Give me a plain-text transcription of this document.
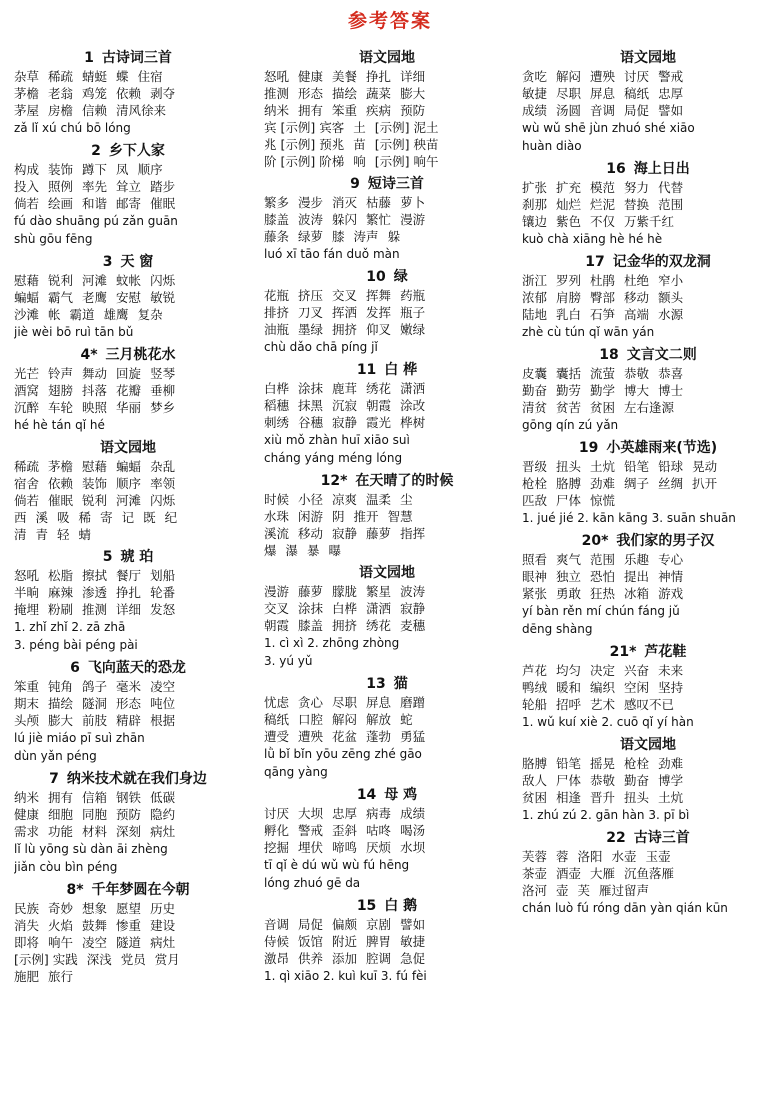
参考答案
1 古诗词三首
杂草 稀疏 蜻蜓 蝶 住宿
茅檐 老翁 鸡笼 依赖 剥夺
茅屋 房檐 信赖 清风徐来
zǎ lǐ xú chú bō lóng
2 乡下人家
构成 装饰 蹲下 凤 顺序
投入 照例 率先 耸立 踏步
倘若 绘画 和谐 邮寄 催眠
fú dào shuāng pú zǎn guān
shù gōu fēng
3 天 窗
慰藉 锐利 河滩 蚊帐 闪烁
蝙蝠 霸气 老鹰 安慰 敏锐
沙滩 帐 霸道 雄鹰 复杂
jiè wèi bō ruì tān bǔ
4* 三月桃花水
光芒 铃声 舞动 回旋 竖琴
酒窝 翅膀 抖落 花瓣 垂柳
沉醉 车轮 映照 华丽 梦乡
hé hè tán qǐ hé
语文园地
稀疏 茅檐 慰藉 蝙蝠 杂乱
宿舍 依赖 装饰 顺序 率领
倘若 催眠 锐利 河滩 闪烁
西 溪 吸 稀 寄 记 既 纪
清 青 轻 蜻
5 琥 珀
怒吼 松脂 擦拭 餐厅 划船
半晌 麻辣 渗透 挣扎 轮番
掩埋 粉刷 推测 详细 发怒
1. zhǐ zhǐ 2. zā zhā
3. péng bài péng pài
6 飞向蓝天的恐龙
笨重 钝角 鸽子 毫米 凌空
期末 描绘 隧洞 形态 吨位
头颅 膨大 前肢 精辟 根据
lú jiè miáo pī suì zhān
dùn yǎn péng
7 纳米技术就在我们身边
纳米 拥有 信箱 钢铁 低碳
健康 细胞 同胞 预防 隐约
需求 功能 材料 深刻 病灶
lǐ lù yōng sù dàn āi zhèng
jiǎn còu bìn péng
8* 千年梦圆在今朝
民族 奇妙 想象 愿望 历史
消失 火焰 鼓舞 惨重 建设
即将 响午 凌空 隧道 病灶
[示例] 实践 深浅 党员 赏月
施肥 旅行
语文园地
怒吼 健康 美餐 挣扎 详细
推测 形态 描绘 蔬菜 膨大
纳米 拥有 笨重 疾病 预防
宾 [示例] 宾客 土 [示例] 泥土
兆 [示例] 预兆 苗 [示例] 秧苗
阶 [示例] 阶梯 响 [示例] 响午
9 短诗三首
繁多 漫步 消灭 枯藤 萝卜
膝盖 波涛 躲闪 繁忙 漫游
藤条 绿萝 膝 涛声 躲
luó xī tāo fán duǒ màn
10 绿
花瓶 挤压 交叉 挥舞 药瓶
排挤 刀叉 挥洒 发挥 瓶子
油瓶 墨绿 拥挤 仰叉 嫩绿
chù dǎo chā píng jǐ
11 白 桦
白桦 涂抹 鹿茸 绣花 潇洒
稻穗 抹黑 沉寂 朝霞 涂改
刺绣 谷穗 寂静 霞光 桦树
xiù mǒ zhàn huī xiāo suì
cháng yáng méng lóng
12* 在天晴了的时候
时候 小径 凉爽 温柔 尘
水珠 闲游 阴 推开 智慧
溪流 移动 寂静 藤萝 指挥
爆 瀑 暴 曝
语文园地
漫游 藤萝 朦胧 繁星 波涛
交叉 涂抹 白桦 潇洒 寂静
朝霞 膝盖 拥挤 绣花 麦穗
1. cì xì 2. zhōng zhòng
3. yú yǔ
13 猫
忧虑 贪心 尽职 屏息 磨蹭
稿纸 口腔 解闷 解放 蛇
遭受 遭殃 花盆 蓬勃 勇猛
lǜ bǐ bǐn yōu zēng zhé gāo
qāng yàng
14 母 鸡
讨厌 大坝 忠厚 病毒 成绩
孵化 警戒 歪斜 咕咚 喝汤
挖掘 埋伏 啼鸣 厌烦 水坝
tī qǐ è dú wǔ wù fú hēng
lóng zhuó gē da
15 白 鹅
音调 局促 偏颇 京剧 譬如
侍候 饭馆 附近 脾胃 敏捷
激昂 供养 添加 腔调 急促
1. qì xiāo 2. kuì kuī 3. fú fèi
语文园地
贪吃 解闷 遭殃 讨厌 警戒
敏捷 尽职 屏息 稿纸 忠厚
成绩 汤圆 音调 局促 譬如
wù wǔ shē jùn zhuó shé xiāo
huàn diào
16 海上日出
扩张 扩充 模范 努力 代替
刹那 灿烂 烂泥 替换 范围
镶边 紫色 不仅 万紫千红
kuò chà xiāng hè hé hè
17 记金华的双龙洞
浙江 罗列 杜鹃 杜绝 窄小
浓郁 肩膀 臀部 移动 额头
陆地 乳白 石笋 高端 水源
zhè cù tún qǐ wān yán
18 文言文二则
皮囊 囊括 流萤 恭敬 恭喜
勤奋 勤劳 勤学 博大 博士
清贫 贫苦 贫困 左右逢源
gōng qín zú yǎn
19 小英雄雨来(节选)
晋级 扭头 土炕 铅笔 铅球 晃动
枪栓 胳膊 劲难 绸子 丝绸 扒开
匹敌 尸体 惊慌
1. jué jié 2. kān kāng 3. suān shuān
20* 我们家的男子汉
照看 爽气 范围 乐趣 专心
眼神 独立 恐怕 提出 神情
紧张 勇敢 狂热 冰箱 游戏
yí bàn rěn mí chún fáng jǔ
dēng shàng
21* 芦花鞋
芦花 均匀 决定 兴奋 未来
鸭绒 暖和 编织 空闲 坚持
轮船 招呼 艺术 感叹不已
1. wǔ kuí xiè 2. cuō qǐ yí hàn
语文园地
胳膊 铅笔 摇晃 枪栓 劲难
敌人 尸体 恭敬 勤奋 博学
贫困 相逢 晋升 扭头 土炕
1. zhú zú 2. gān hàn 3. pī bì
22 古诗三首
芙蓉 蓉 洛阳 水壶 玉壶
茶壶 酒壶 大雁 沉鱼落雁
洛河 壶 芙 雁过留声
chán luò fú róng dān yàn qián kūn
